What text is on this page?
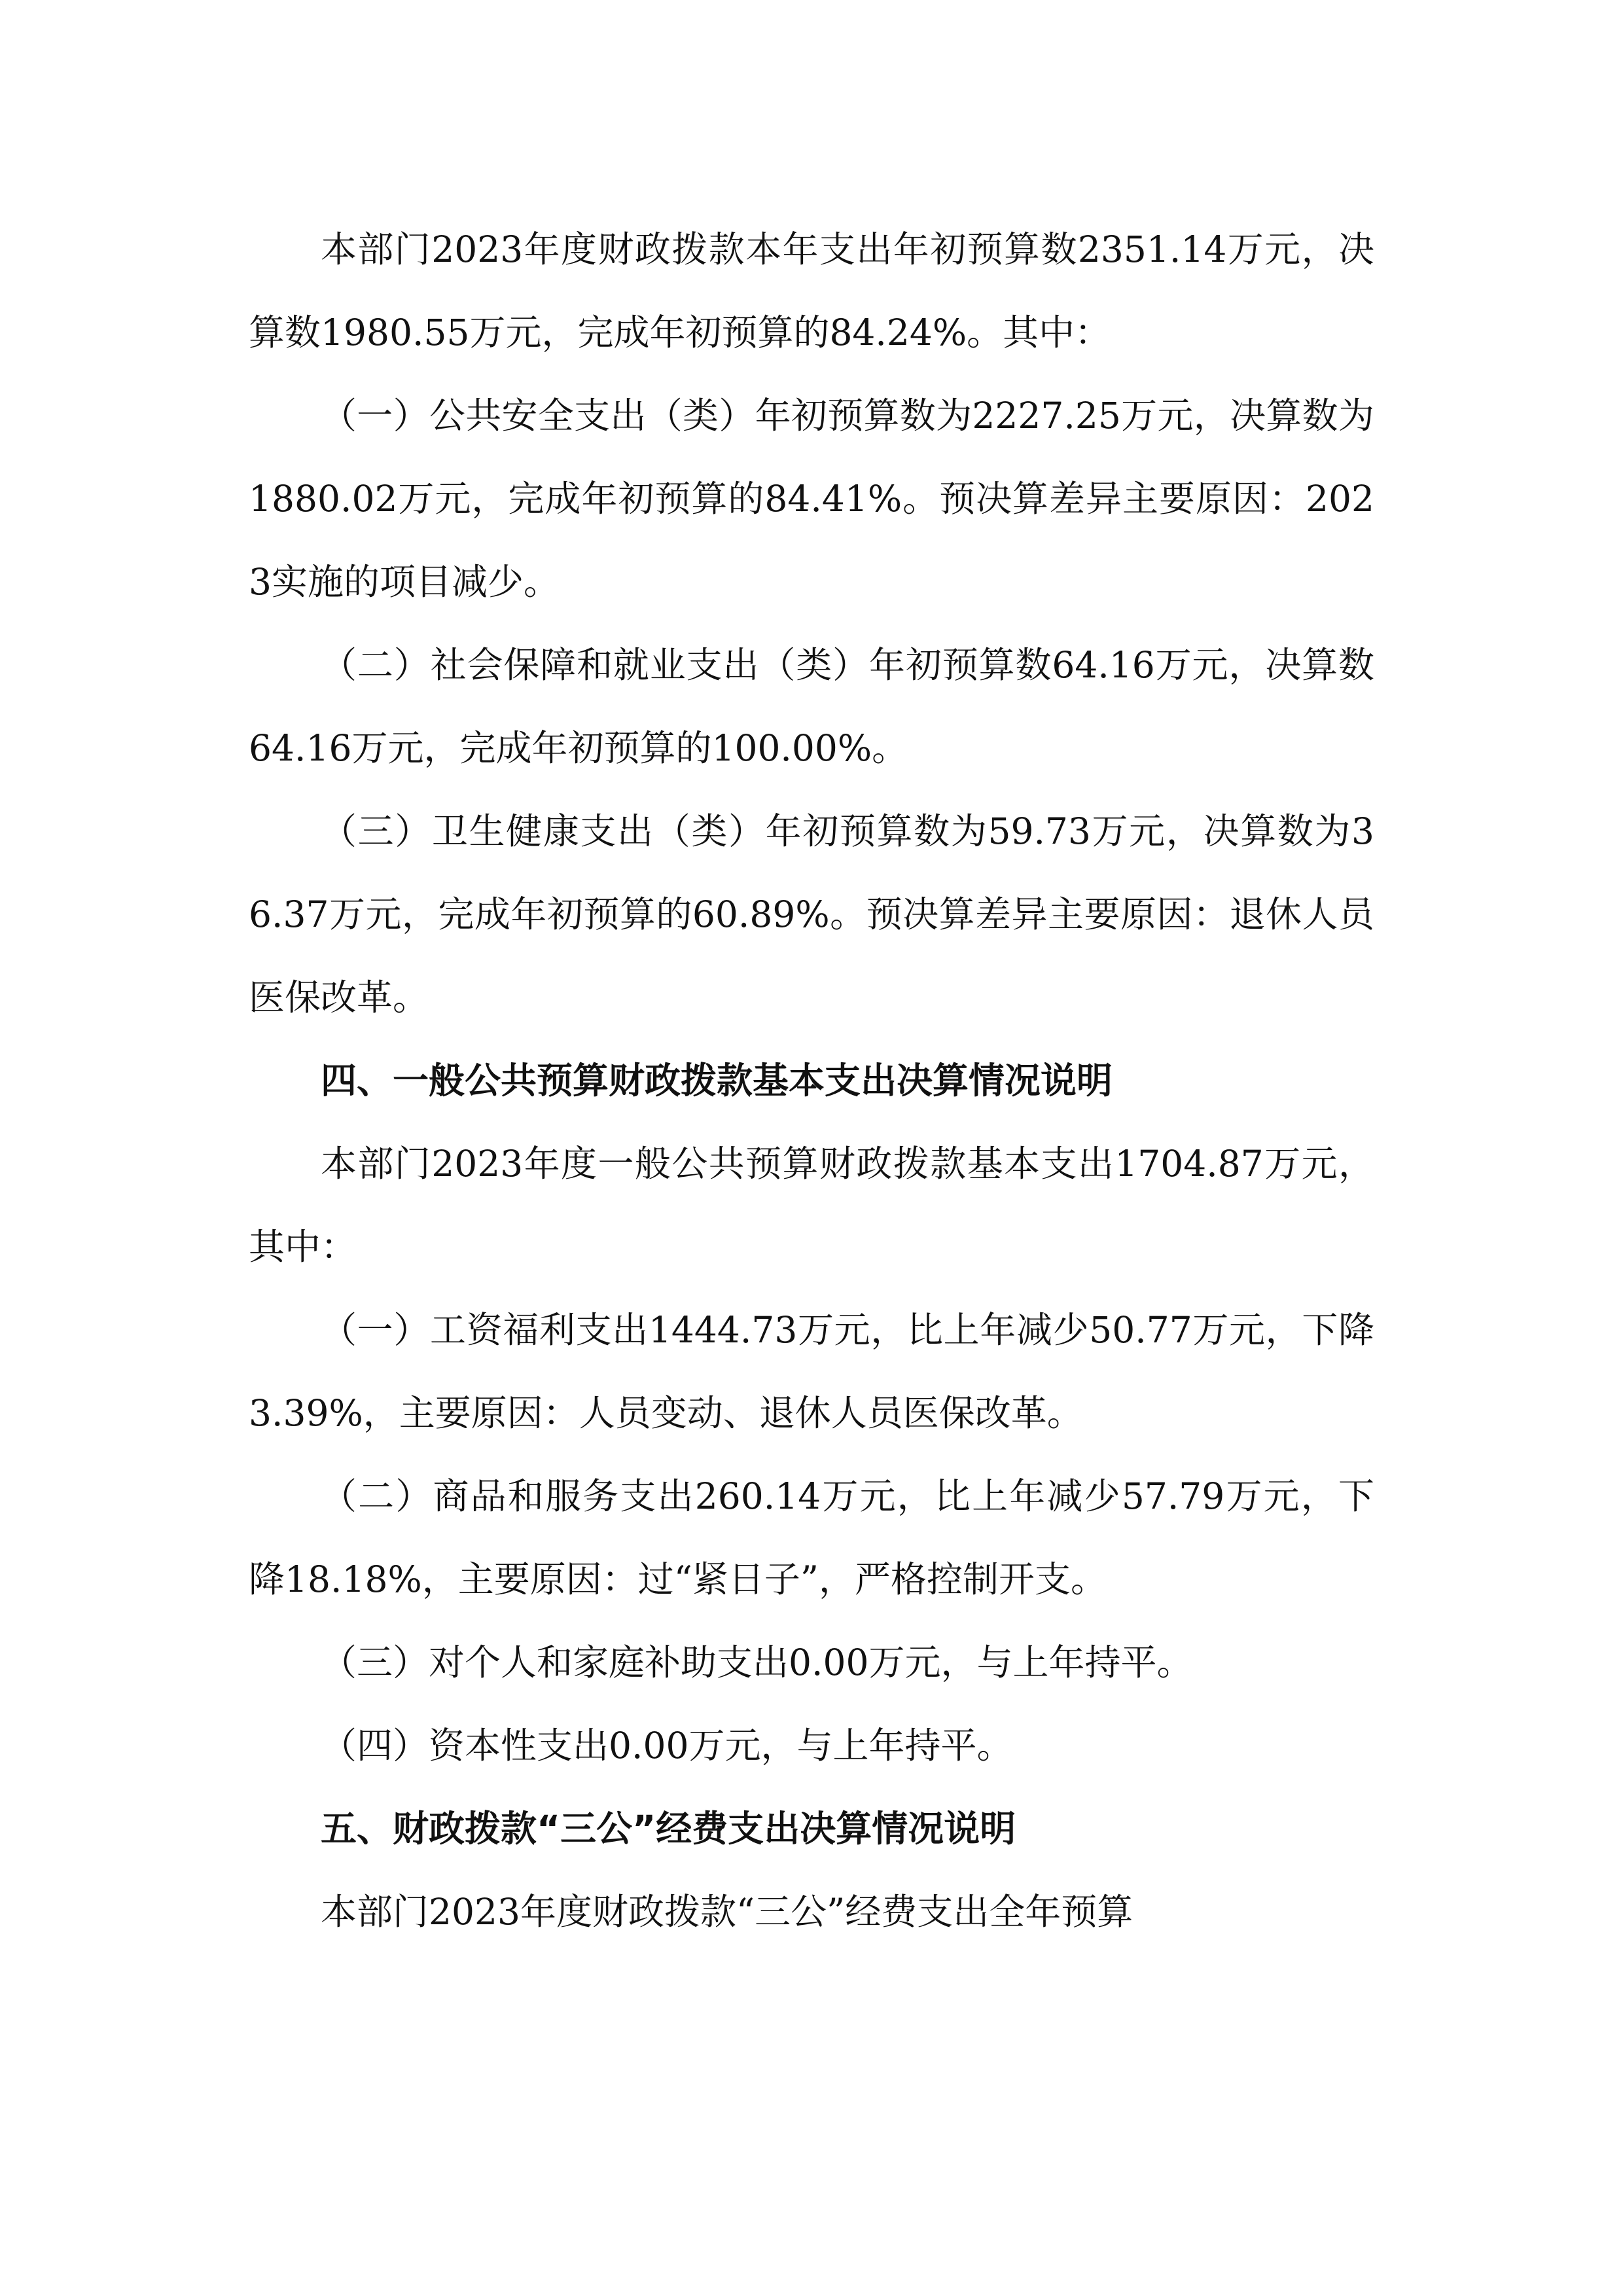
本部门2023年度财政拨款本年支出年初预算数2351.14万元，决算数1980.55万元，完成年初预算的84.24%。其中：

（一）公共安全支出（类）年初预算数为2227.25万元，决算数为1880.02万元，完成年初预算的84.41%。预决算差异主要原因：2023实施的项目减少。

（二）社会保障和就业支出（类）年初预算数64.16万元，决算数64.16万元，完成年初预算的100.00%。

（三）卫生健康支出（类）年初预算数为59.73万元，决算数为36.37万元，完成年初预算的60.89%。预决算差异主要原因：退休人员医保改革。

四、一般公共预算财政拨款基本支出决算情况说明

本部门2023年度一般公共预算财政拨款基本支出1704.87万元，其中：

（一）工资福利支出1444.73万元，比上年减少50.77万元，下降3.39%，主要原因：人员变动、退休人员医保改革。

（二）商品和服务支出260.14万元，比上年减少57.79万元，下降18.18%，主要原因：过“紧日子”，严格控制开支。

（三）对个人和家庭补助支出0.00万元，与上年持平。

（四）资本性支出0.00万元，与上年持平。

五、财政拨款“三公”经费支出决算情况说明

本部门2023年度财政拨款“三公”经费支出全年预算
